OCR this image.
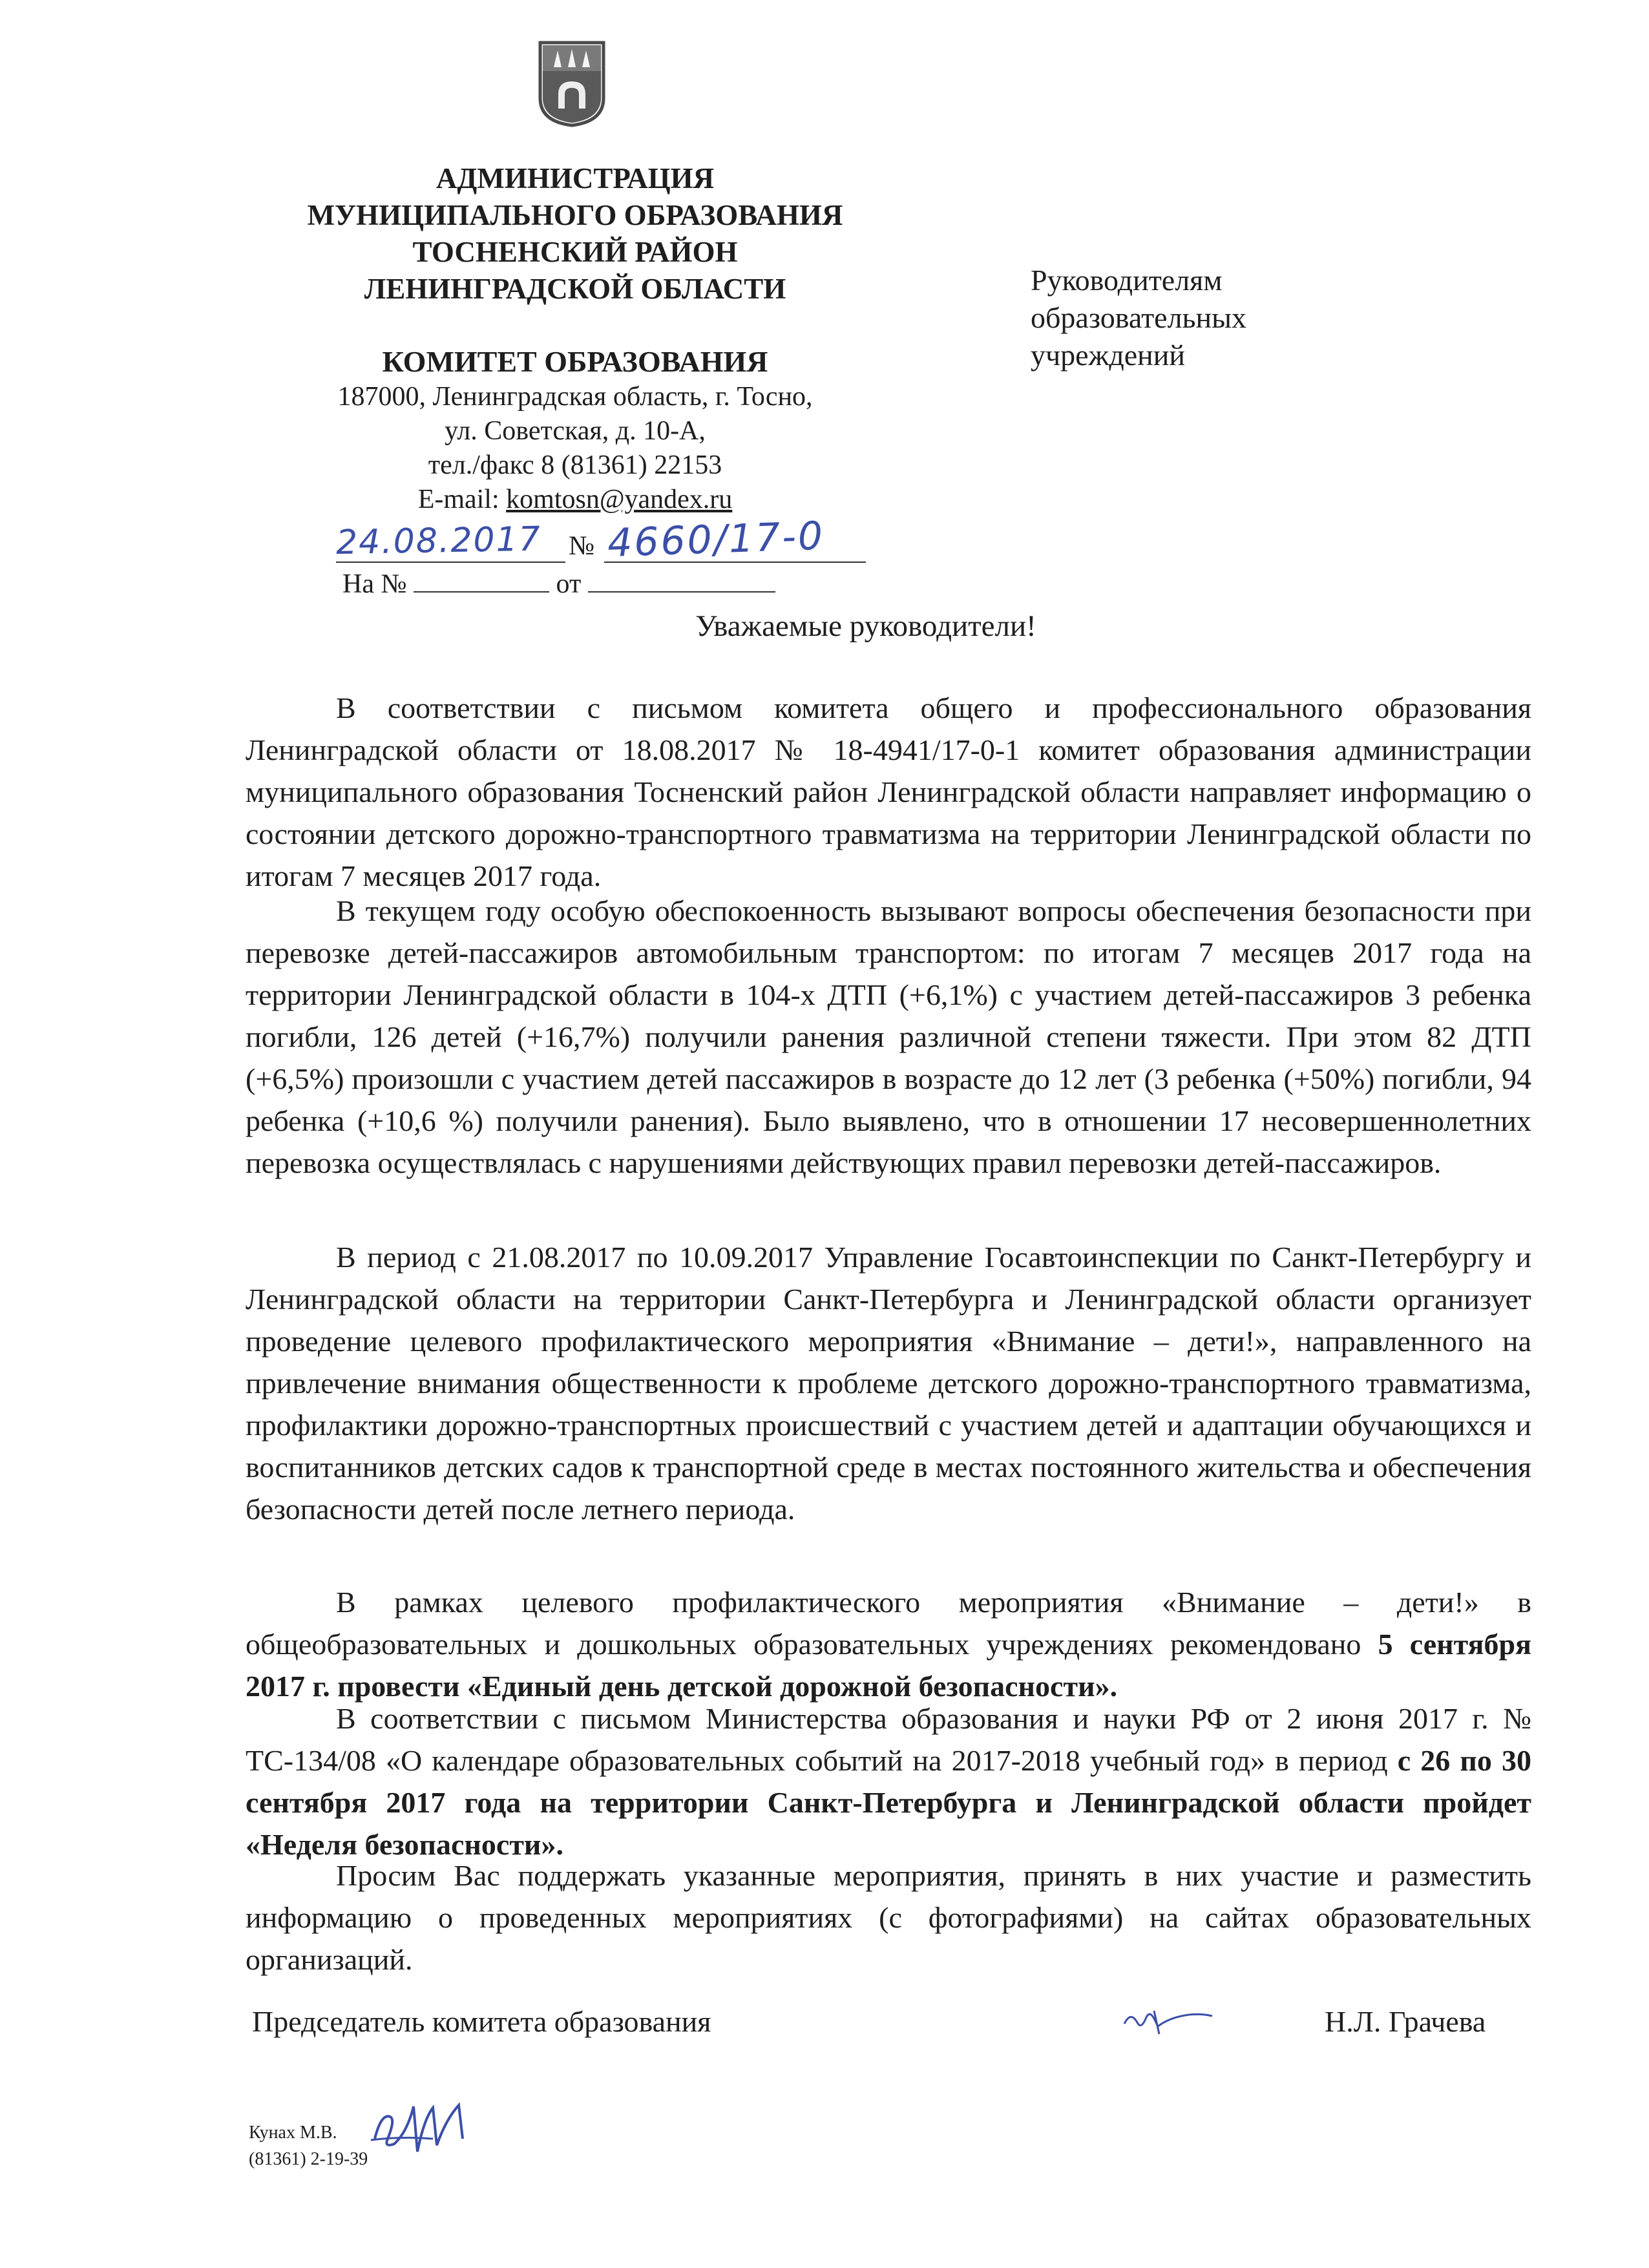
АДМИНИСТРАЦИЯ
МУНИЦИПАЛЬНОГО ОБРАЗОВАНИЯ
ТОСНЕНСКИЙ РАЙОН
ЛЕНИНГРАДСКОЙ ОБЛАСТИ
КОМИТЕТ ОБРАЗОВАНИЯ
187000, Ленинградская область, г. Тосно,
ул. Советская, д. 10-А,
тел./факс 8 (81361) 22153
E-mail: komtosn@yandex.ru
Руководителям
образовательных
учреждений
24.08.2017 № 4660/17-0
На №	от
Уважаемые руководители!

В соответствии с письмом комитета общего и профессионального образования Ленинградской области от 18.08.2017 № 18-4941/17-0-1 комитет образования администрации муниципального образования Тосненский район Ленинградской области направляет информацию о состоянии детского дорожно-транспортного травматизма на территории Ленинградской области по итогам 7 месяцев 2017 года.

В текущем году особую обеспокоенность вызывают вопросы обеспечения безопасности при перевозке детей-пассажиров автомобильным транспортом: по итогам 7 месяцев 2017 года на территории Ленинградской области в 104-х ДТП (+6,1%) с участием детей-пассажиров 3 ребенка погибли, 126 детей (+16,7%) получили ранения различной степени тяжести. При этом 82 ДТП (+6,5%) произошли с участием детей пассажиров в возрасте до 12 лет (3 ребенка (+50%) погибли, 94 ребенка (+10,6 %) получили ранения). Было выявлено, что в отношении 17 несовершеннолетних перевозка осуществлялась с нарушениями действующих правил перевозки детей-пассажиров.

В период с 21.08.2017 по 10.09.2017 Управление Госавтоинспекции по Санкт-Петербургу и Ленинградской области на территории Санкт-Петербурга и Ленинградской области организует проведение целевого профилактического мероприятия «Внимание – дети!», направленного на привлечение внимания общественности к проблеме детского дорожно-транспортного травматизма, профилактики дорожно-транспортных происшествий с участием детей и адаптации обучающихся и воспитанников детских садов к транспортной среде в местах постоянного жительства и обеспечения безопасности детей после летнего периода.

В рамках целевого профилактического мероприятия «Внимание – дети!» в общеобразовательных и дошкольных образовательных учреждениях рекомендовано 5 сентября 2017 г. провести «Единый день детской дорожной безопасности».

В соответствии с письмом Министерства образования и науки РФ от 2 июня 2017 г. № ТС-134/08 «О календаре образовательных событий на 2017-2018 учебный год» в период с 26 по 30 сентября 2017 года на территории Санкт-Петербурга и Ленинградской области пройдет «Неделя безопасности».

Просим Вас поддержать указанные мероприятия, принять в них участие и разместить информацию о проведенных мероприятиях (с фотографиями) на сайтах образовательных организаций.

Председатель комитета образования	Н.Л. Грачева
Кунах М.В.
(81361) 2-19-39
